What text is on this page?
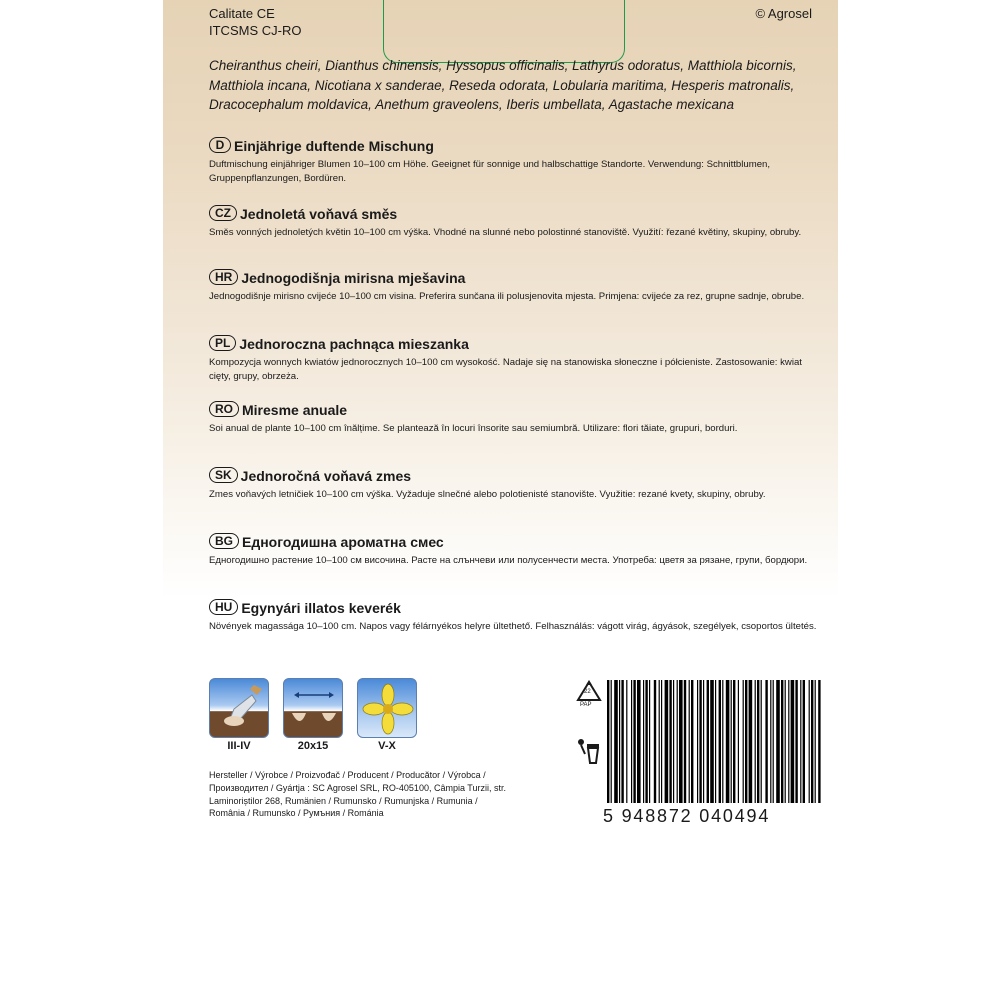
Calitate CE
ITCSMS CJ-RO
© Agrosel
Cheiranthus cheiri, Dianthus chinensis, Hyssopus officinalis, Lathyrus odoratus, Matthiola bicornis, Matthiola incana, Nicotiana x sanderae, Reseda odorata, Lobularia maritima, Hesperis matronalis, Dracocephalum moldavica, Anethum graveolens, Iberis umbellata, Agastache mexicana
D Einjährige duftende Mischung
Duftmischung einjähriger Blumen 10–100 cm Höhe. Geeignet für sonnige und halbschattige Standorte. Verwendung: Schnittblumen, Gruppenpflanzungen, Bordüren.
CZ Jednoletá voňavá směs
Směs vonných jednoletých květin 10–100 cm výška. Vhodné na slunné nebo polostinné stanoviště. Využití: řezané květiny, skupiny, obruby.
HR Jednogodišnja mirisna mješavina
Jednogodišnje mirisno cvijeće 10–100 cm visina. Preferira sunčana ili polusjenovita mjesta. Primjena: cvijeće za rez, grupne sadnje, obrube.
PL Jednoroczna pachnąca mieszanka
Kompozycja wonnych kwiatów jednorocznych 10–100 cm wysokość. Nadaje się na stanowiska słoneczne i półcieniste. Zastosowanie: kwiat cięty, grupy, obrzeża.
RO Miresme anuale
Soi anual de plante 10–100 cm înălțime. Se plantează în locuri însorite sau semiumbră. Utilizare: flori tăiate, grupuri, borduri.
SK Jednoročná voňavá zmes
Zmes voňavých letničiek 10–100 cm výška. Vyžaduje slnečné alebo polotienisté stanovište. Využitie: rezané kvety, skupiny, obruby.
BG Едногодишна ароматна смес
Едногодишно растение 10–100 см височина. Расте на слънчеви или полусенчести места. Употреба: цветя за рязане, групи, бордюри.
HU Egynyári illatos keverék
Növények magassága 10–100 cm. Napos vagy félárnyékos helyre ültethető. Felhasználás: vágott virág, ágyások, szegélyek, csoportos ültetés.
III-IV	20x15	V-X
Hersteller / Výrobce / Proizvođač / Producent / Producător / Výrobca / Производител / Gyártja : SC Agrosel SRL, RO-405100, Câmpia Turzii, str. Laminoriștilor 268, Rumänien / Rumunsko / Rumunjska / Rumunia / România / Rumunsko / Румъния / Románia
22
PAP
5 948872 040494
